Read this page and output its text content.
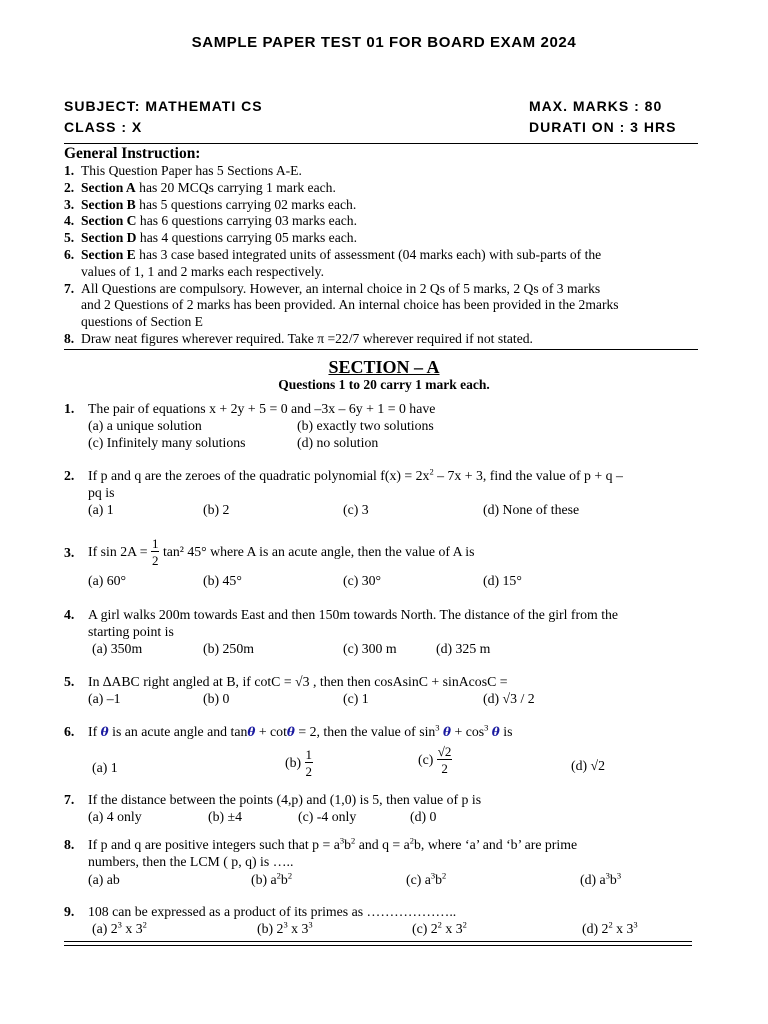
SAMPLE PAPER TEST 01 FOR BOARD EXAM 2024
SUBJECT: MATHEMATI CS
CLASS : X
MAX. MARKS : 80
DURATI ON : 3 HRS
General Instruction:
1. This Question Paper has 5 Sections A-E.
2. Section A has 20 MCQs carrying 1 mark each.
3. Section B has 5 questions carrying 02 marks each.
4. Section C has 6 questions carrying 03 marks each.
5. Section D has 4 questions carrying 05 marks each.
6. Section E has 3 case based integrated units of assessment (04 marks each) with sub-parts of the
values of 1, 1 and 2 marks each respectively.
7. All Questions are compulsory. However, an internal choice in 2 Qs of 5 marks, 2 Qs of 3 marks
and 2 Questions of 2 marks has been provided. An internal choice has been provided in the 2marks
questions of Section E
8. Draw neat figures wherever required. Take π =22/7 wherever required if not stated.
SECTION – A
Questions 1 to 20 carry 1 mark each.
1. The pair of equations x + 2y + 5 = 0 and –3x – 6y + 1 = 0 have
(a) a unique solution	(b) exactly two solutions
(c) Infinitely many solutions	(d) no solution
2. If p and q are the zeroes of the quadratic polynomial $f(x) = 2x^2 - 7x + 3$, find the value of p + q –
pq is
(a) 1	(b) 2	(c) 3	(d) None of these
3. If $\sin 2A = \frac{1}{2} \tan^2$ 45° where A is an acute angle, then the value of A is
(a) 60°	(b) 45°	(c) 30°	(d) 15°
4. A girl walks 200m towards East and then 150m towards North. The distance of the girl from the
starting point is
(a) 350m	(b) 250m	(c) 300 m	(d) 325 m
5. In ∆ABC right angled at B, if cotC = √3 , then then cosAsinC + sinAcosC =
(a) –1	(b) 0	(c) 1	(d) √3 / 2
6. If θ is an acute angle and tanθ + cotθ = 2, then the value of $\sin^3 \theta + \cos^3 \theta$ is
(a) 1	$(b) \frac{1}{2}$	$(c) \frac{√2}{2}$	(d) √2
7. If the distance between the points (4,p) and (1,0) is 5, then value of p is
(a) 4 only	(b) ±4	(c) -4 only	(d) 0
8. If p and q are positive integers such that $p = a^3b^2$ and $q = a^2b$, where ‘a’ and ‘b’ are prime
numbers, then the LCM ( p, q) is …..
(a) ab	(b) $a^2b^2$	(c) $a^3b^2$	(d) $a^3b^3$
9. 108 can be expressed as a product of its primes as ………………..
(a) $2^3$ x $3^2$	(b) $2^3$ x $3^3$	(c) $2^2$ x $3^2$	(d) $2^2$ x $3^3$
